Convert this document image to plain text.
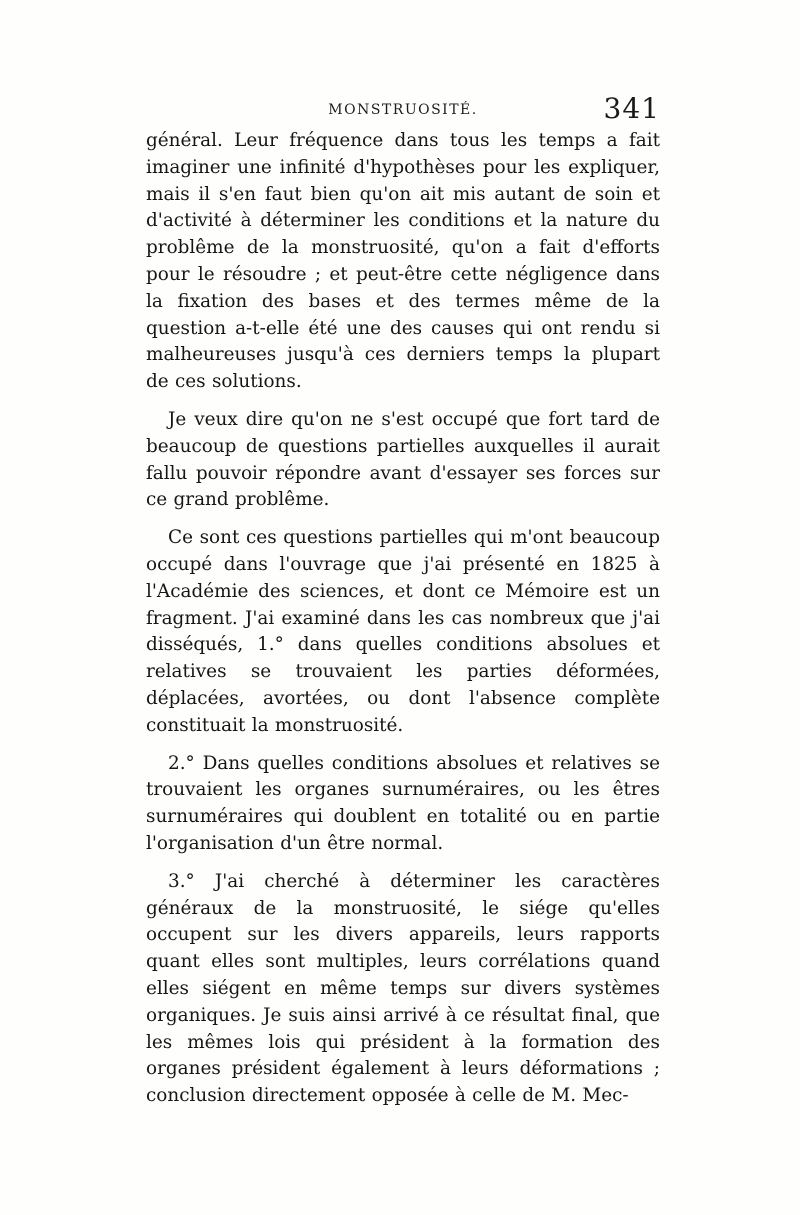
MONSTRUOSITÉ.	341

général. Leur fréquence dans tous les temps a fait imaginer une infinité d'hypothèses pour les expliquer, mais il s'en faut bien qu'on ait mis autant de soin et d'activité à déterminer les conditions et la nature du problême de la monstruosité, qu'on a fait d'efforts pour le résoudre ; et peut-être cette négligence dans la fixation des bases et des termes même de la question a-t-elle été une des causes qui ont rendu si malheureuses jusqu'à ces derniers temps la plupart de ces solutions.

Je veux dire qu'on ne s'est occupé que fort tard de beaucoup de questions partielles auxquelles il aurait fallu pouvoir répondre avant d'essayer ses forces sur ce grand problême.

Ce sont ces questions partielles qui m'ont beaucoup occupé dans l'ouvrage que j'ai présenté en 1825 à l'Académie des sciences, et dont ce Mémoire est un fragment. J'ai examiné dans les cas nombreux que j'ai disséqués, 1.° dans quelles conditions absolues et relatives se trouvaient les parties déformées, déplacées, avortées, ou dont l'absence complète constituait la monstruosité.

2.° Dans quelles conditions absolues et relatives se trouvaient les organes surnuméraires, ou les êtres surnuméraires qui doublent en totalité ou en partie l'organisation d'un être normal.

3.° J'ai cherché à déterminer les caractères généraux de la monstruosité, le siége qu'elles occupent sur les divers appareils, leurs rapports quant elles sont multiples, leurs corrélations quand elles siégent en même temps sur divers systèmes organiques. Je suis ainsi arrivé à ce résultat final, que les mêmes lois qui président à la formation des organes président également à leurs déformations ; conclusion directement opposée à celle de M. Mec-
